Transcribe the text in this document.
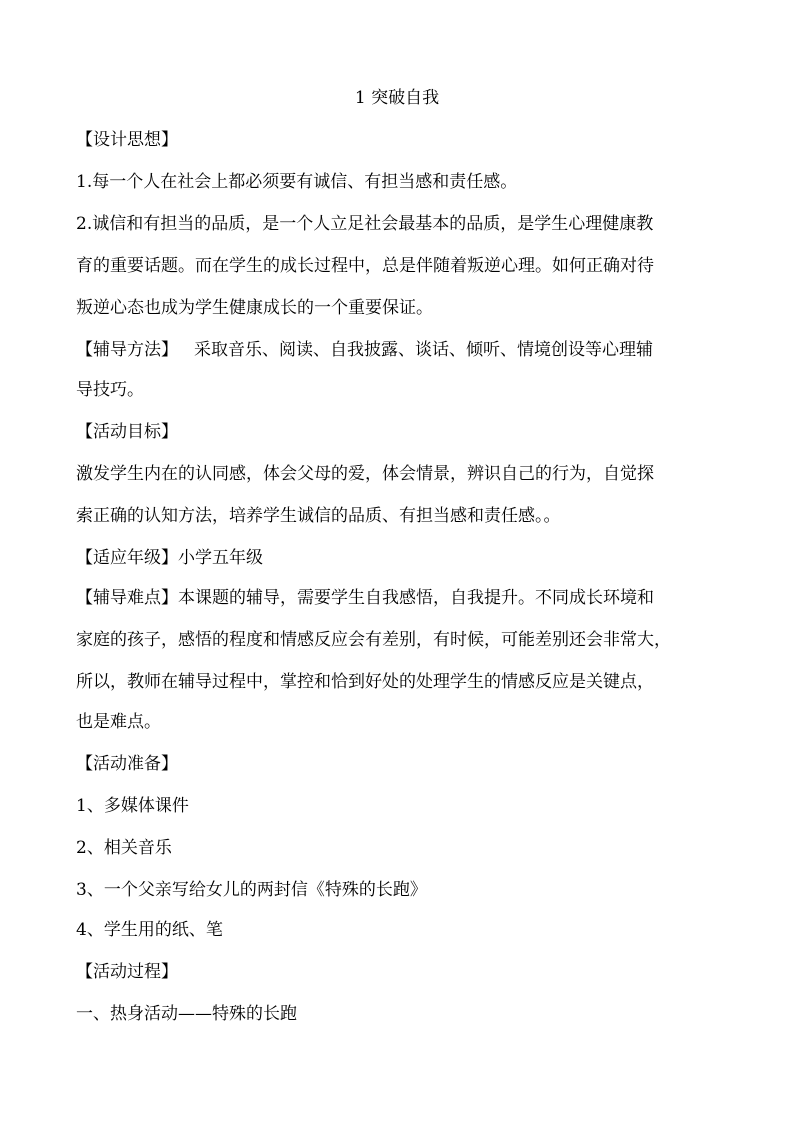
1 突破自我
【设计思想】
1.每一个人在社会上都必须要有诚信、有担当感和责任感。
2.诚信和有担当的品质，是一个人立足社会最基本的品质，是学生心理健康教
育的重要话题。而在学生的成长过程中，总是伴随着叛逆心理。如何正确对待
叛逆心态也成为学生健康成长的一个重要保证。
【辅导方法】 采取音乐、阅读、自我披露、谈话、倾听、情境创设等心理辅
导技巧。
【活动目标】
激发学生内在的认同感，体会父母的爱，体会情景，辨识自己的行为，自觉探
索正确的认知方法，培养学生诚信的品质、有担当感和责任感。。
【适应年级】小学五年级
【辅导难点】本课题的辅导，需要学生自我感悟，自我提升。不同成长环境和
家庭的孩子，感悟的程度和情感反应会有差别，有时候，可能差别还会非常大，
所以，教师在辅导过程中，掌控和恰到好处的处理学生的情感反应是关键点，
也是难点。
【活动准备】
1、多媒体课件
2、相关音乐
3、一个父亲写给女儿的两封信《特殊的长跑》
4、学生用的纸、笔
【活动过程】
一、热身活动——特殊的长跑
